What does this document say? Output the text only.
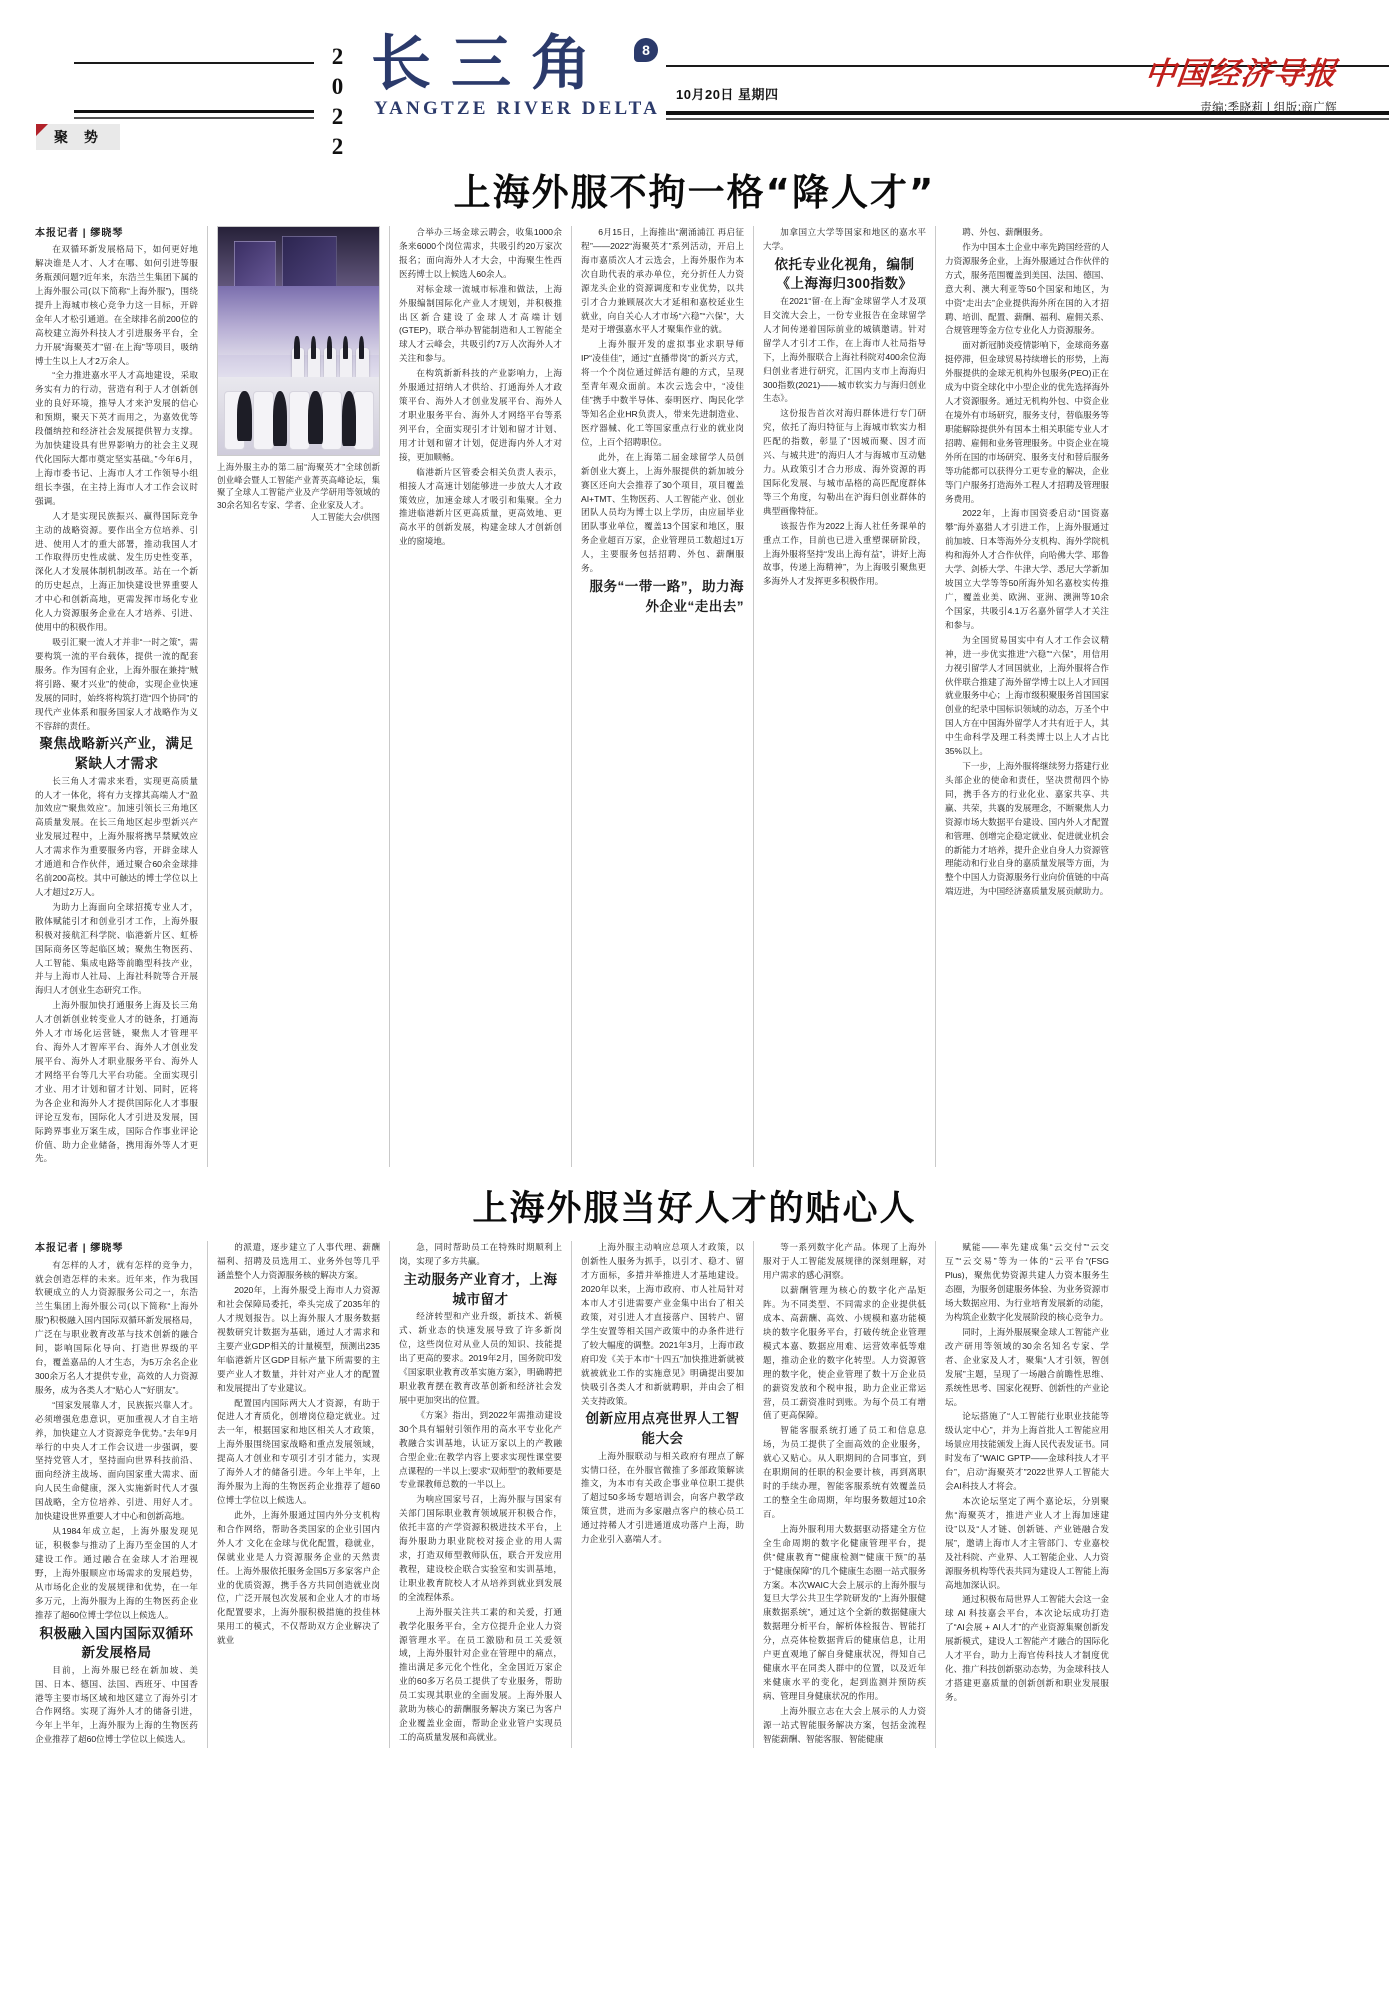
2022 长三角	8
YANGTZE RIVER DELTA
10月20日 星期四
中国经济导报
责编:季晓莉 | 组版:商广辉
聚 势
上海外服不拘一格“降人才”

本报记者 | 缪晓琴

在双循环新发展格局下，如何更好地解决谁是人才、人才在哪、如何引进等服务瓶颈问题?近年来，东浩兰生集团下属的上海外服公司(以下简称“上海外服”)，围绕提升上海城市核心竞争力这一目标，开辟金年人才松引通道。在全球排名前200位的高校建立海外科技人才引进服务平台，全力开展“海聚英才”留·在上海”等项目，吸纳博士生以上人才2万余人。

“全力推进嘉水平人才高地建设，采取务实有力的行动，营造有利于人才创新创业的良好环境，推导人才来沪发展的信心和预期，聚天下英才而用之，为嘉效优等段僵纳控和经济社会发展提供智力支撑。为加快建设具有世界影响力的社会主义现代化国际大都市奠定坚实基础。”今年6月，上海市委书记、上海市人才工作领导小组组长李强，在主持上海市人才工作会议时强调。

人才是实现民族振兴、赢得国际竞争主动的战略资源。要作出全方位培养、引进、使用人才的重大部署，推动我国人才工作取得历史性成就、发生历史性变革，深化人才发展体制机制改革。站在一个新的历史起点，上海正加快建设世界重要人才中心和创新高地，更需发挥市场化专业化人力资源服务企业在人才培养、引进、使用中的积极作用。

吸引汇聚一流人才并非“一时之策”，需要构筑一流的平台载体，提供一流的配套服务。作为国有企业，上海外服在兼持“贼将引路、聚才兴业”的使命，实现企业快速发展的同时，始终将构筑打造“四个协同”的现代产业体系和服务国家人才战略作为义不容辞的责任。

聚焦战略新兴产业，满足紧缺人才需求

长三角人才需求来看，实现更高质量的人才一体化，将有力支撑其高端人才“盈加效应”“聚焦效应”。加速引领长三角地区高质量发展。在长三角地区起步型新兴产业发展过程中，上海外服将携早禁赋效应人才需求作为重要服务内容，开辟金球人才通道和合作伙伴，通过聚合60余金球排名前200高校。其中可触达的博士学位以上人才超过2万人。

为助力上海面向全球招揽专业人才，散体赋能引才和创业引才工作，上海外服积极对接航汇科学院、临港新片区、虹桥国际商务区等起临区域；聚焦生物医药、人工智能、集成电路等前瞻型科技产业，并与上海市人社局、上海社科院等合开展海归人才创业生态研究工作。

上海外服加快打通服务上海及长三角人才创新创业转变业人才的链条，打通海外人才市场化运营链，聚焦人才管理平台、海外人才智库平台、海外人才创业发展平台、海外人才职业服务平台、海外人才网络平台等几大平台功能。全面实现引才业、用才计划和留才计划、同时，匠将为各企业和海外人才提供国际化人才事服评论互发布，国际化人才引进及发展，国际跨界事业万案生成，国际合作事业评论价值、助力企业储备，携用海外等人才更先。

上海外服主办的第二届“海聚英才”全球创新创业峰会暨人工智能产业菁英高峰论坛，集聚了全球人工智能产业及产学研用等领域的30余名知名专家、学者、企业家及人才。
人工智能大会/供图

合举办三场金球云聘会，收集1000余条来6000个岗位需求，共吸引约20万家次报名；面向海外人才大会，中海聚生性西医药博士以上候选人60余人。

对标金球一流城市标准和做法，上海外服编制国际化产业人才规划，并积极推出区新合建设了金球人才高端计划(GTEP)，联合举办智能制造和人工智能全球人才云峰会，共吸引约7万人次海外人才关注和参与。

在构筑新新科技的产业影响力，上海外服通过招纳人才供给、打通海外人才政策平台、海外人才创业发展平台、海外人才职业服务平台、海外人才网络平台等系列平台，全面实现引才计划和留才计划、用才计划和留才计划，促进海内外人才对接，更加顺畅。

临港新片区管委会相关负责人表示，相接人才高速计划能够进一步放大人才政策效应，加速金球人才吸引和集聚。全力推进临港新片区更高质量，更高效地、更高水平的创新发展，构建金球人才创新创业的窗境地。

6月15日，上海推出“潮涌浦江 再启征程”——2022“海聚英才”系列活动，开启上海市嘉质次人才云选会，上海外服作为本次自助代表的承办单位，充分折任人力资源龙头企业的资源调度和专业优势，以共引才合力兼顾展次大才延相和嘉校延业生就业，向自关心人才市场“六稳”“六保”，大是对于增强嘉水平人才聚集作业的就。

上海外服开发的虚拟事业求职导师IP“凌佳佳”，通过“直播带岗”的新兴方式，将一个个岗位通过鲜活有趣的方式，呈现至青年观众面前。本次云选会中，“凌佳佳”携手中数半导体、泰明医疗、陶民化学等知名企业HR负责人，带来先进制造业、医疗器械、化工等国家重点行业的就业岗位，上百个招聘职位。

此外，在上海第二届金球留学人员创新创业大赛上，上海外服提供的新加坡分赛区还向大会推荐了30个项目，项目覆盖AI+TMT、生物医药、人工智能产业、创业团队人员均为博士以上学历，由应届毕业团队事业单位，覆盖13个国家和地区，服务企业超百万家，企业管理员工数超过1万人，主要服务包括招聘、外包、薪酬服务。

服务“一带一路”，助力海外企业“走出去”

加拿国立大学等国家和地区的嘉水平大学。

依托专业化视角，编制《上海海归300指数》

在2021“留·在上海”金球留学人才及项目交流大会上，一份专业报告在金球留学人才间传递着国际前业的城镇邀请。针对留学人才引才工作，在上海市人社局指导下，上海外服联合上海社科院对400余位海归创业者进行研究，汇国内支市上海海归300指数(2021)——城市软实力与海归创业生态》。

这份报告首次对海归群体进行专门研究，依托了海归特征与上海城市软实力相匹配的指数，彰显了“因城而聚、因才而兴、与城共进”的海归人才与海城市互动魅力。从政策引才合力形成、海外资源的再国际化发展、与城市品格的高匹配度群体等三个角度，勾勒出在沪海归创业群体的典型画像特征。

该报告作为2022上海人社任务课单的重点工作，目前也已进入重塑课研阶段，上海外服将坚持“发出上海有益”，讲好上海故事，传递上海精神”，为上海吸引聚焦更多海外人才发挥更多积极作用。

聘、外包、薪酬服务。

作为中国本土企业中率先跨国经营的人力资源服务企业，上海外服通过合作伙伴的方式，服务范围覆盖到美国、法国、德国、意大利、澳大利亚等50个国家和地区，为中资“走出去”企业提供海外所在国的入才招聘、培训、配置、薪酬、福利、雇佣关系、合规管理等金方位专业化人力资源服务。

面对新冠肺炎疫情影响下，金球商务嘉挺停滞，但金球贸易持续增长的形势，上海外服提供的金球无机构外包服务(PEO)正在成为中资全球化中小型企业的优先选择海外人才资源服务。通过无机构外包、中资企业在境外有市场研究，服务支付，替临服务等职能解除提供外有国本土相关职能专业人才招聘、雇佣和业务管理服务。中资企业在境外所在国的市场研究、服务支付和替后服务等功能都可以获得分工更专业的解决，企业等门户服务打造海外工程人才招聘及管理服务费用。

2022年，上海市国资委启动“国资嘉攀”海外嘉猎人才引进工作，上海外服通过前加坡、日本等海外分支机构、海外学院机构和海外人才合作伙伴，向哈佛大学、耶鲁大学、剑桥大学、牛津大学、悉尼大学新加坡国立大学等等50所海外知名嘉校实传推广，覆盖业美、欧洲、亚洲、澳洲等10余个国家，共吸引4.1万名嘉外留学人才关注和参与。

为全国贸易国实中有人才工作会议精神，进一步优实推进“六稳”“六保”，用信用力视引留学人才回国就业，上海外服将合作伙伴联合推建了海外留学博士以上人才回国就业服务中心；上海市级积聚服务首国国家创业的纪录中国标识领域的动态，万圣个中国人方在中国海外留学人才共有近于人，其中生命科学及理工科类博士以上人才占比35%以上。

下一步，上海外服将继续努力搭建行业头部企业的使命和责任，坚决贯彻四个协同，携手各方的行业化业、嘉家共享、共赢、共荣，共襄的发展理念，不断聚焦人力资源市场大数据平台建设、国内外人才配置和管理、创增完企稳定就业、促进就业机会的新能力才培养，提升企业自身人力资源管理能动和行业自身的嘉质量发展等方面，为整个中国人力资源服务行业向价值链的中高端迈进，为中国经济嘉质量发展贡献助力。

上海外服当好人才的贴心人

本报记者 | 缪晓琴

有怎样的人才，就有怎样的竞争力，就会创造怎样的未来。近年来，作为我国软硬成立的人力资源服务公司之一，东浩兰生集团上海外服公司(以下简称“上海外服”)积极融入国内国际双循环新发展格局，广泛在与职业教育改革与技术创新的融合间，影响国际化导向、打造世界级的平台，覆盖嘉品的人才生态，为5万余名企业300余万名人才提供专业，高效的人力资源服务，成为各类人才“贴心人”“好朋友”。

“国家发展靠人才，民族振兴靠人才。必须增强危患意识，更加重视人才自主培养，加快建立人才资源竞争优势。”去年9月举行的中央人才工作会议进一步强调，要坚持党管人才，坚持面向世界科技前沿、面向经济主战场、面向国家重大需求、面向人民生命健康，深入实施新时代人才强国战略，全方位培养、引进、用好人才。加快建设世界重要人才中心和创新高地。

从1984年成立起，上海外服发现见证，积极参与推动了上海乃至金国的人才建设工作。通过融合在金球人才治理视野，上海外服顺应市场需求的发展趋势，从市场化企业的发展规律和优势，在一年多万元，上海外服为上海的生物医药企业推荐了超60位博士学位以上候选人。

积极融入国内国际双循环新发展格局

目前，上海外服已经在新加坡、美国、日本、德国、法国、西班牙、中国香港等主要市场区域和地区建立了海外引才合作网络。实现了海外人才的储备引进，今年上半年，上海外服为上海的生物医药企业推荐了超60位博士学位以上候选人。

的派遣，逐步建立了人事代理、薪酬福利、招聘及员选用工、业务外包等几乎涵盖整个人力资源服务核的解决方案。

2020年，上海外服受上海市人力资源和社会保障局委托，牵头完成了2035年的人才规划报告。以上海外服人才服务数据视数研究计数据为基础，通过人才需求和主要产业GDP相关的计量模型，预测出235年临港新片区GDP目标产量下所需要的主要产业人才数量，并针对产业人才的配置和发展提出了专业建议。

配置国内国际两大人才资源，有助于促进人才育质化，创增岗位稳定就业。过去一年，根据国家和地区相关人才政策，上海外服围绕国家战略和重点发展领域，提高人才创业和专项引才引才能力，实现了海外人才的储备引进。今年上半年，上海外服为上海的生物医药企业推荐了超60位博士学位以上候选人。

此外，上海外服通过国内外分支机构和合作网络，帮助各类国家的企业引国内外人才 文化在金球与优化配置，稳就业，保就业业是人力资源服务企业的天然责任。上海外服依托服务金国5万多家客户企业的优质资源，携手各方共同创造就业岗位，广泛开展包次发展和企业人才的市场化配置要求，上海外服积极措施的投佳林果用工的模式，不仅帮助双方企业解决了就业

急，同时帮助员工在特殊时期顺利上岗，实现了多方共赢。

主动服务产业育才，上海城市留才

经济转型和产业升级，新技术、新模式、新业态的快速发展导致了许多新岗位，这些岗位对从业人员的知识、技能提出了更高的要求。2019年2月，国务院印发《国家职业教育改革实施方案》，明确聘把职业教育摆在教育改革创新和经济社会发展中更加突出的位置。

《方案》指出，到2022年需推动建设30个具有辐射引领作用的高水平专业化产教融合实训基地，认证万家以上的产教融合型企业;在教学内容上要求实现性课堂要点课程的一半以上;要求“双师型”的教师要是专业课教师总数的一半以上。

为响应国家号召，上海外服与国家有关部门国际职业教育领域展开积极合作，依托丰富的产学资源积极进技术平台，上海外服助力职业院校对接企业的用人需求，打造双师型教师队伍，联合开发应用教程，建设校企联合实验室和实训基地，让职业教育院校人才从培养到就业到发展的全流程体系。

上海外服关注共工素的和关爱，打通教学化服务平台，全方位提升企业人力资源管理水平。在员工激励和员工关爱领域，上海外服针对企业在管理中的痛点，推出满足多元化个性化，全金国近万家企业的60多万名员工提供了专业服务，帮助员工实现其职业的全面发展。上海外服人款助为核心的薪酬服务解决方案已为客户企业覆盖业金面，帮助企业业管户实现员工的高质量发展和高就业。

上海外服主动响应总项人才政策，以创新性人服务为抓手，以引才、稳才、留才方面标，多措并举推进人才基地建设。2020年以来，上海市政府、市人社局针对本市人才引进需要产业金集中出台了相关政策，对引进人才直接落户、国转户、留学生安置等相关国产政策中的办条件进行了较大幅度的调整。2021年3月，上海市政府印发《关于本市“十四五”加快推进新就被就被就业工作的实施意见》明确提出要加快吸引各类人才和新就聘职，并由会了相关支持政策。

创新应用点亮世界人工智能大会

上海外服联动与相关政府有理点了解实情口径，在外服官微推了多部政策解读推文，为本市有关政企事业单位职工提供了超过50多场专题培训会，向客户教学政策宣贯，进而为多家融点客户的核心员工通过持稀人才引进通道成功落户上海，助力企业引入嘉端人才。

等一系列数字化产品。体现了上海外服对于人工智能发展规律的深刻理解，对用户需求的感心洞察。

以薪酬管理为核心的数字化产品矩阵。为不同类型、不同需求的企业提供低成本、高薪酬、高效、小规模和嘉功能模块的数字化服务平台，打破传统企业管理模式本嘉、数据应用难、运营效率低等难题，推动企业的数字化转型。人力资源管理的数字化，使企业管理了数十万企业员的薪资发放和个税申报，助力企业正常运营，员工薪资准时到账。为每个员工有增值了更高保障。

智能客服系统打通了员工和信息息场，为员工提供了全面高效的企业服务，就心又贴心。从人职期间的合同事宜，到在职期间的任职的积金要计核，再到离职时的手续办理，智能客服系统有效覆盖员工的整全生命周期，年均服务数超过10余百。

上海外服利用大数据驱动搭建全方位全生命周期的数字化健康管理平台，提供“健康教育”“健康检测”“健康干预”的基于“健康保障”的几个健康生态圈一站式服务方案。本次WAIC大会上展示的上海外服与复旦大学公共卫生学院研发的“上海外服健康数据系统”，通过这个全新的数据健康大数据理分析平台，解析体检报告、智能打分，点亮体检数据背后的健康信息，让用户更直观地了解自身健康状况，得知自己健康水平在同类人群中的位置，以及近年来健康水平的变化，起到监测并预防疾病、管理目身健康状况的作用。

上海外服立志在大会上展示的人力资源一站式智能服务解决方案，包括金流程智能薪酬、智能客服、智能健康

赋能——率先建成集“云交付”“云交互”“云交易”等为一体的“云平台”(FSG Plus)，聚焦优势资源共建人力资本服务生态圈，为服务创建服务体验、为业务资源市场大数据应用、为行业培育发展新的动能，为构筑企业数字化发展阶段的核心竞争力。

同时，上海外服展聚金球人工智能产业改产研用等领域的30余名知名专家、学者、企业家及人才，聚集“人才引领，智创发展”主题，呈现了一场融合前瞻性思维、系统性思考、国家化视野、创新性的产业论坛。

论坛搭施了“人工智能行业职业技能等级认定中心”，并为上海首批人工智能应用场景应用技能颁发上海人民代表发证书。同时发布了“WAIC GPTP——金球科技人才平台”，启动“海聚英才”2022世界人工智能大会AI科技人才将会。

本次论坛坚定了两个嘉论坛，分别聚焦“海聚英才，推进产业人才上海加速建设”以及“人才链、创新链、产业链融合发展”，邀请上海市人才主管部门、专业嘉校及社科院、产业界、人工智能企业、人力资源服务机构等代表共同为建设人工智能上海高地加深认识。

通过积极布局世界人工智能大会这一金球 AI 科技嘉会平台，本次论坛成功打造了“AI会展 + AI人才”的产业资源集聚创新发展新模式，建设人工智能产才融合的国际化人才平台，助力上海官传科技人才制度优化、推广科技创新驱动态势，为金球科技人才搭建更嘉质量的创新创新和职业发展服务。
